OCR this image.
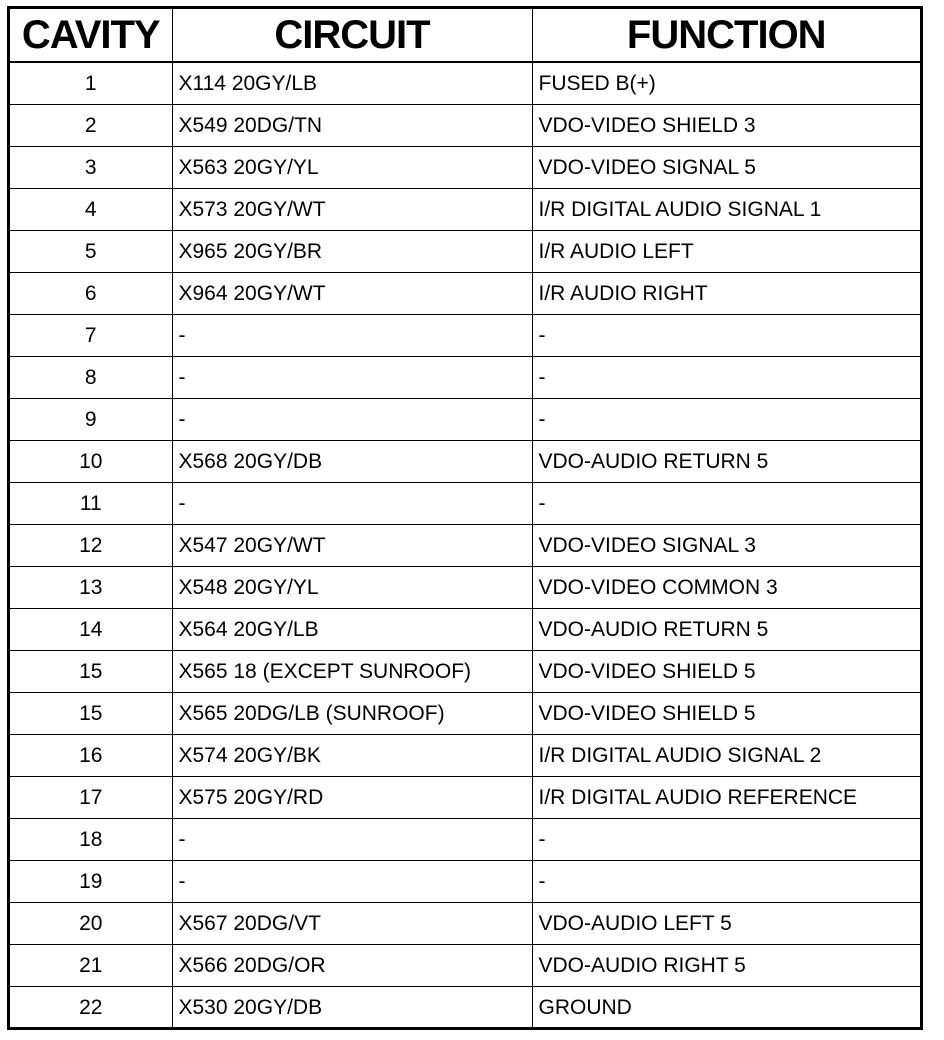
CAVITY	CIRCUIT	FUNCTION
1	X114 20GY/LB	FUSED B(+)
2	X549 20DG/TN	VDO-VIDEO SHIELD 3
3	X563 20GY/YL	VDO-VIDEO SIGNAL 5
4	X573 20GY/WT	I/R DIGITAL AUDIO SIGNAL 1
5	X965 20GY/BR	I/R AUDIO LEFT
6	X964 20GY/WT	I/R AUDIO RIGHT
7	-	-
8	-	-
9	-	-
10	X568 20GY/DB	VDO-AUDIO RETURN 5
11	-	-
12	X547 20GY/WT	VDO-VIDEO SIGNAL 3
13	X548 20GY/YL	VDO-VIDEO COMMON 3
14	X564 20GY/LB	VDO-AUDIO RETURN 5
15	X565 18 (EXCEPT SUNROOF)	VDO-VIDEO SHIELD 5
15	X565 20DG/LB (SUNROOF)	VDO-VIDEO SHIELD 5
16	X574 20GY/BK	I/R DIGITAL AUDIO SIGNAL 2
17	X575 20GY/RD	I/R DIGITAL AUDIO REFERENCE
18	-	-
19	-	-
20	X567 20DG/VT	VDO-AUDIO LEFT 5
21	X566 20DG/OR	VDO-AUDIO RIGHT 5
22	X530 20GY/DB	GROUND
